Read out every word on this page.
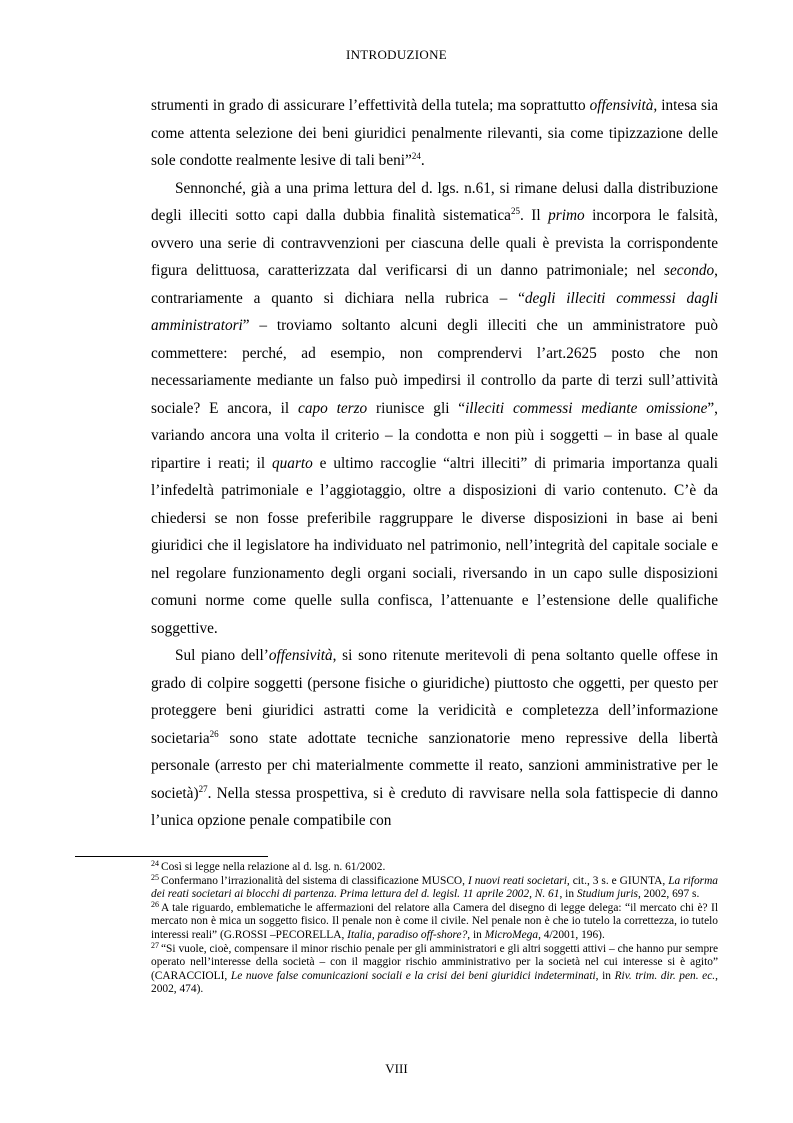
INTRODUZIONE

strumenti in grado di assicurare l’effettività della tutela; ma soprattutto offensività, intesa sia come attenta selezione dei beni giuridici penalmente rilevanti, sia come tipizzazione delle sole condotte realmente lesive di tali beni”$^{24}$.

Sennonché, già a una prima lettura del d. lgs. n.61, si rimane delusi dalla distribuzione degli illeciti sotto capi dalla dubbia finalità sistematica$^{25}$. Il primo incorpora le falsità, ovvero una serie di contravvenzioni per ciascuna delle quali è prevista la corrispondente figura delittuosa, caratterizzata dal verificarsi di un danno patrimoniale; nel secondo, contrariamente a quanto si dichiara nella rubrica – “degli illeciti commessi dagli amministratori” – troviamo soltanto alcuni degli illeciti che un amministratore può commettere: perché, ad esempio, non comprendervi l’art.2625 posto che non necessariamente mediante un falso può impedirsi il controllo da parte di terzi sull’attività sociale? E ancora, il capo terzo riunisce gli “illeciti commessi mediante omissione”, variando ancora una volta il criterio – la condotta e non più i soggetti – in base al quale ripartire i reati; il quarto e ultimo raccoglie “altri illeciti” di primaria importanza quali l’infedeltà patrimoniale e l’aggiotaggio, oltre a disposizioni di vario contenuto. C’è da chiedersi se non fosse preferibile raggruppare le diverse disposizioni in base ai beni giuridici che il legislatore ha individuato nel patrimonio, nell’integrità del capitale sociale e nel regolare funzionamento degli organi sociali, riversando in un capo sulle disposizioni comuni norme come quelle sulla confisca, l’attenuante e l’estensione delle qualifiche soggettive.

Sul piano dell’offensività, si sono ritenute meritevoli di pena soltanto quelle offese in grado di colpire soggetti (persone fisiche o giuridiche) piuttosto che oggetti, per questo per proteggere beni giuridici astratti come la veridicità e completezza dell’informazione societaria$^{26}$ sono state adottate tecniche sanzionatorie meno repressive della libertà personale (arresto per chi materialmente commette il reato, sanzioni amministrative per le società)$^{27}$. Nella stessa prospettiva, si è creduto di ravvisare nella sola fattispecie di danno l’unica opzione penale compatibile con

$^{24}$ Così si legge nella relazione al d. lsg. n. 61/2002.

$^{25}$ Confermano l’irrazionalità del sistema di classificazione MUSCO, I nuovi reati societari, cit., 3 s. e GIUNTA, La riforma dei reati societari ai blocchi di partenza. Prima lettura del d. legisl. 11 aprile 2002, N. 61, in Studium juris, 2002, 697 s.

$^{26}$ A tale riguardo, emblematiche le affermazioni del relatore alla Camera del disegno di legge delega: “il mercato chi è? Il mercato non è mica un soggetto fisico. Il penale non è come il civile. Nel penale non è che io tutelo la correttezza, io tutelo interessi reali” (G.ROSSI –PECORELLA, Italia, paradiso off-shore?, in MicroMega, 4/2001, 196).

$^{27}$ “Si vuole, cioè, compensare il minor rischio penale per gli amministratori e gli altri soggetti attivi – che hanno pur sempre operato nell’interesse della società – con il maggior rischio amministrativo per la società nel cui interesse si è agito” (CARACCIOLI, Le nuove false comunicazioni sociali e la crisi dei beni giuridici indeterminati, in Riv. trim. dir. pen. ec., 2002, 474).

VIII
